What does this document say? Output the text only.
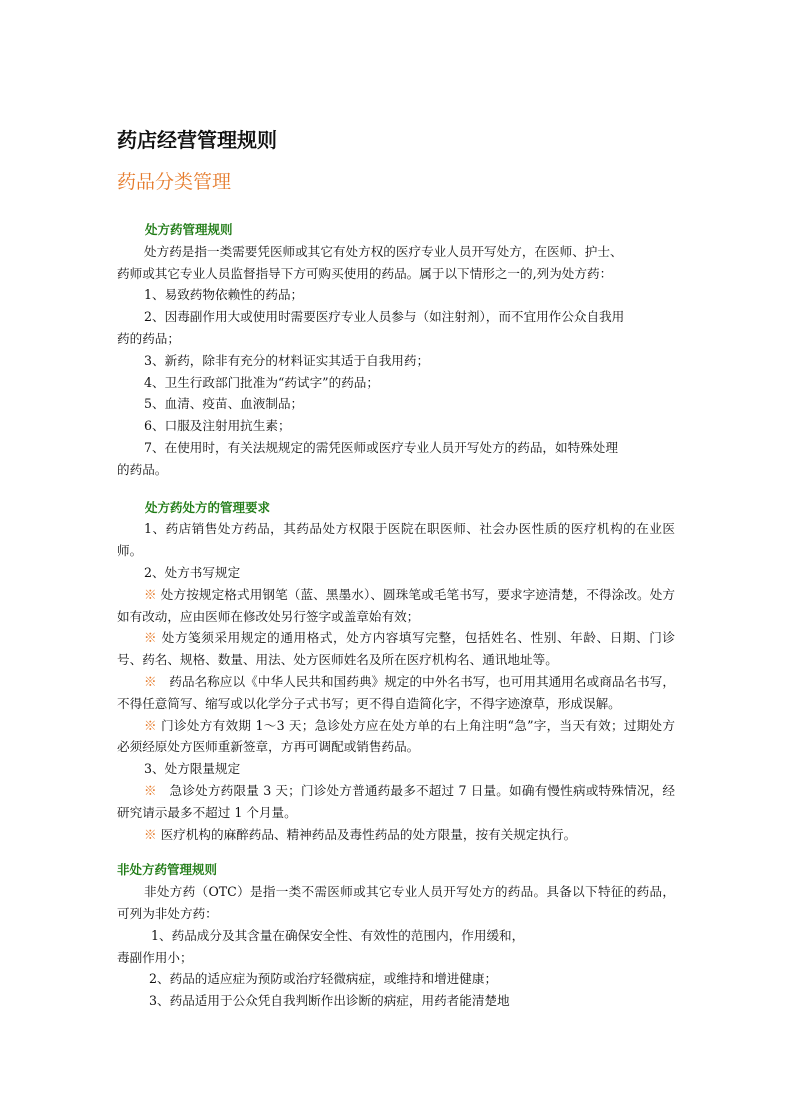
药店经营管理规则
药品分类管理
处方药管理规则
处方药是指一类需要凭医师或其它有处方权的医疗专业人员开写处方，在医师、护士、
药师或其它专业人员监督指导下方可购买使用的药品。属于以下情形之一的,列为处方药：
1、易致药物依赖性的药品；
2、因毒副作用大或使用时需要医疗专业人员参与（如注射剂），而不宜用作公众自我用
药的药品；
3、新药，除非有充分的材料证实其适于自我用药；
4、卫生行政部门批准为“药试字”的药品；
5、血清、疫苗、血液制品；
6、口服及注射用抗生素；
7、在使用时，有关法规规定的需凭医师或医疗专业人员开写处方的药品，如特殊处理
的药品。
处方药处方的管理要求
1、药店销售处方药品，其药品处方权限于医院在职医师、社会办医性质的医疗机构的在业医师。
2、处方书写规定
※ 处方按规定格式用钢笔（蓝、黑墨水）、圆珠笔或毛笔书写，要求字迹清楚，不得涂改。处方如有改动，应由医师在修改处另行签字或盖章始有效；
※ 处方笺须采用规定的通用格式，处方内容填写完整，包括姓名、性别、年龄、日期、门诊号、药名、规格、数量、用法、处方医师姓名及所在医疗机构名、通讯地址等。
※　药品名称应以《中华人民共和国药典》规定的中外名书写，也可用其通用名或商品名书写，不得任意简写、缩写或以化学分子式书写；更不得自造简化字，不得字迹潦草，形成误解。
※ 门诊处方有效期 1～3 天；急诊处方应在处方单的右上角注明“急”字，当天有效；过期处方必须经原处方医师重新签章，方再可调配或销售药品。
3、处方限量规定
※　急诊处方药限量 3 天；门诊处方普通药最多不超过 7 日量。如确有慢性病或特殊情况，经研究请示最多不超过 1 个月量。
※ 医疗机构的麻醉药品、精神药品及毒性药品的处方限量，按有关规定执行。
非处方药管理规则
非处方药（OTC）是指一类不需医师或其它专业人员开写处方的药品。具备以下特征的药品，可列为非处方药：
1、药品成分及其含量在确保安全性、有效性的范围内，作用缓和，
毒副作用小；
2、药品的适应症为预防或治疗轻微病症，或维持和增进健康；
3、药品适用于公众凭自我判断作出诊断的病症，用药者能清楚地
